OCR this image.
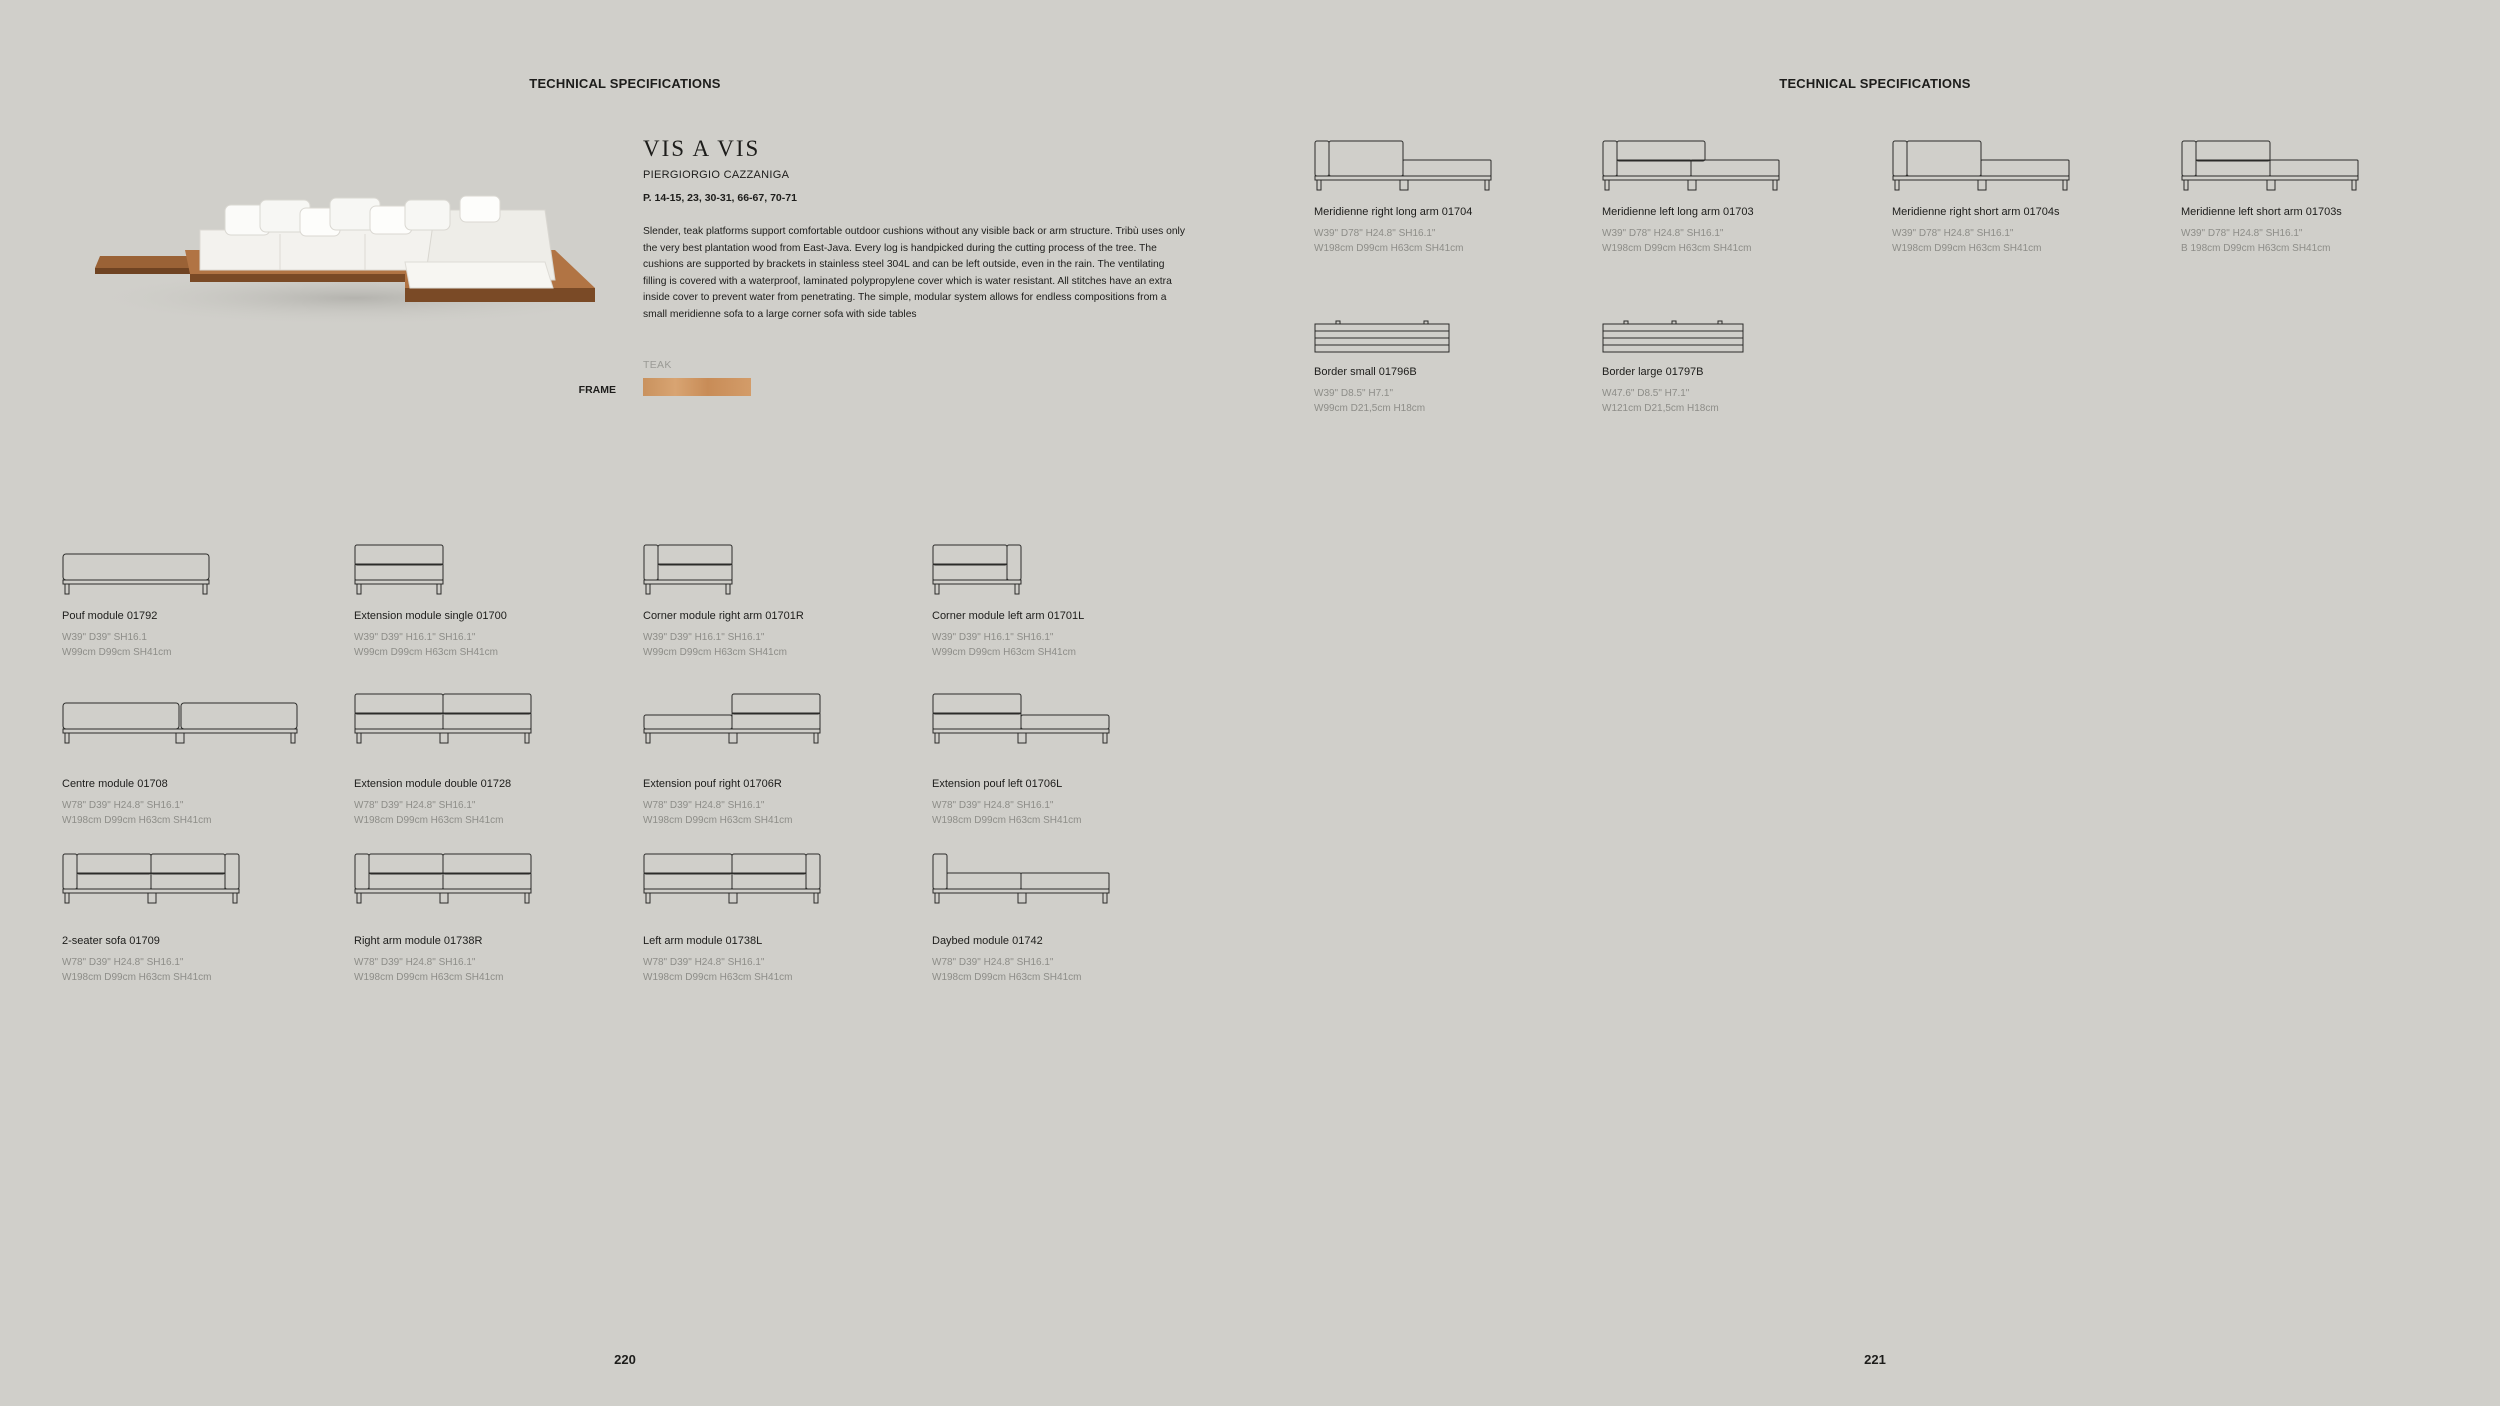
TECHNICAL SPECIFICATIONS
VIS A VIS
PIERGIORGIO CAZZANIGA
P. 14-15, 23, 30-31, 66-67, 70-71
Slender, teak platforms support comfortable outdoor cushions without any visible back or arm structure. Tribù uses only the very best plantation wood from East-Java. Every log is handpicked during the cutting process of the tree. The cushions are supported by brackets in stainless steel 304L and can be left outside, even in the rain. The ventilating filling is covered with a waterproof, laminated polypropylene cover which is water resistant. All stitches have an extra inside cover to prevent water from penetrating. The simple, modular system allows for endless compositions from a small meridienne sofa to a large corner sofa with side tables
TEAK
FRAME
Pouf module 01792
W39" D39" SH16.1
W99cm D99cm SH41cm
Extension module single 01700
W39" D39" H16.1" SH16.1"
W99cm D99cm H63cm SH41cm
Corner module right arm 01701R
W39" D39" H16.1" SH16.1"
W99cm D99cm H63cm SH41cm
Corner module left arm 01701L
W39" D39" H16.1" SH16.1"
W99cm D99cm H63cm SH41cm
Centre module 01708
W78" D39" H24.8" SH16.1"
W198cm D99cm H63cm SH41cm
Extension module double 01728
W78" D39" H24.8" SH16.1"
W198cm D99cm H63cm SH41cm
Extension pouf right 01706R
W78" D39" H24.8" SH16.1"
W198cm D99cm H63cm SH41cm
Extension pouf left 01706L
W78" D39" H24.8" SH16.1"
W198cm D99cm H63cm SH41cm
2-seater sofa 01709
W78" D39" H24.8" SH16.1"
W198cm D99cm H63cm SH41cm
Right arm module 01738R
W78" D39" H24.8" SH16.1"
W198cm D99cm H63cm SH41cm
Left arm module 01738L
W78" D39" H24.8" SH16.1"
W198cm D99cm H63cm SH41cm
Daybed module 01742
W78" D39" H24.8" SH16.1"
W198cm D99cm H63cm SH41cm
220
TECHNICAL SPECIFICATIONS
Meridienne right long arm 01704
W39" D78" H24.8" SH16.1"
W198cm D99cm H63cm SH41cm
Meridienne left long arm 01703
W39" D78" H24.8" SH16.1"
W198cm D99cm H63cm SH41cm
Meridienne right short arm 01704s
W39" D78" H24.8" SH16.1"
W198cm D99cm H63cm SH41cm
Meridienne left short arm 01703s
W39" D78" H24.8" SH16.1"
B 198cm D99cm H63cm SH41cm
Border small 01796B
W39" D8.5" H7.1"
W99cm D21,5cm H18cm
Border large 01797B
W47.6" D8.5" H7.1"
W121cm D21,5cm H18cm
221
